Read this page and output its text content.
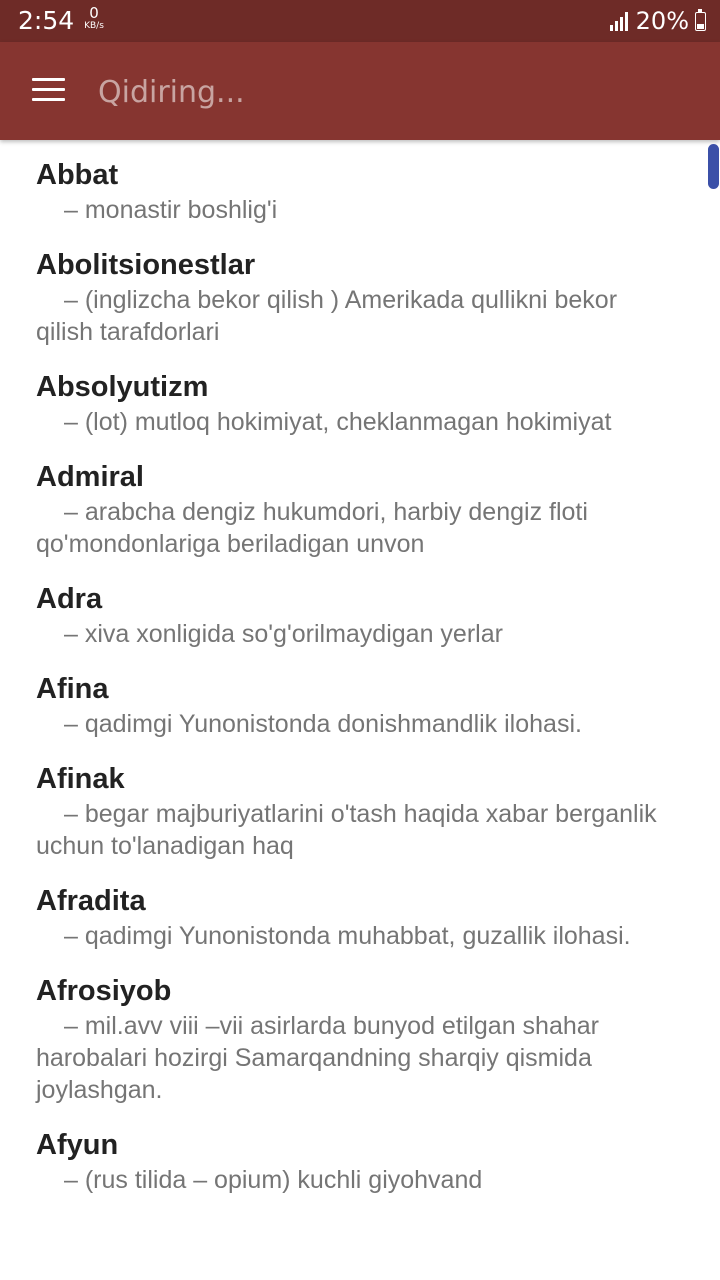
2:54	0
KB/s	20%
Qidiring...
Abbat
– monastir boshlig'i
Abolitsionestlar
– (inglizcha bekor qilish ) Amerikada qullikni bekor qilish tarafdorlari
Absolyutizm
– (lot) mutloq hokimiyat, cheklanmagan hokimiyat
Admiral
– arabcha dengiz hukumdori, harbiy dengiz floti qo'mondonlariga beriladigan unvon
Adra
– xiva xonligida so'g'orilmaydigan yerlar
Afina
– qadimgi Yunonistonda donishmandlik ilohasi.
Afinak
– begar majburiyatlarini o'tash haqida xabar berganlik uchun to'lanadigan haq
Afradita
– qadimgi Yunonistonda muhabbat, guzallik ilohasi.
Afrosiyob
– mil.avv viii –vii asirlarda bunyod etilgan shahar harobalari hozirgi Samarqandning sharqiy qismida joylashgan.
Afyun
– (rus tilida – opium) kuchli giyohvand
